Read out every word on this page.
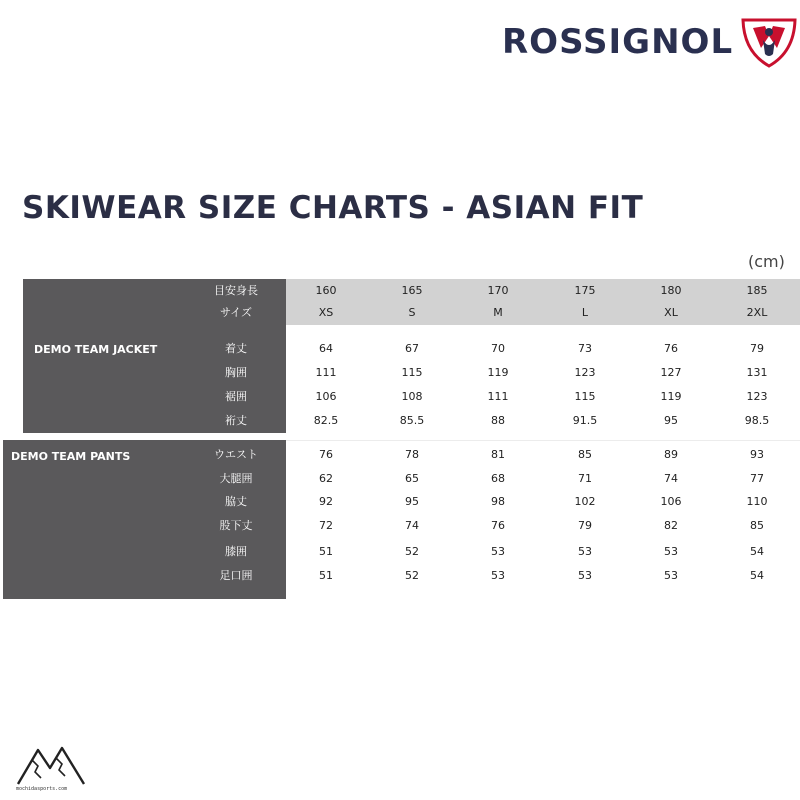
ROSSIGNOL
SKIWEAR SIZE CHARTS - ASIAN FIT
(cm)
目安身長	160	165	170	175	180	185
サイズ	XS	S	M	L	XL	2XL
DEMO TEAM JACKET	着丈	64	67	70	73	76	79
胸囲	111	115	119	123	127	131
裾囲	106	108	111	115	119	123
裄丈	82.5	85.5	88	91.5	95	98.5
DEMO TEAM PANTS	ウエスト	76	78	81	85	89	93
大腿囲	62	65	68	71	74	77
脇丈	92	95	98	102	106	110
股下丈	72	74	76	79	82	85
膝囲	51	52	53	53	53	54
足口囲	51	52	53	53	53	54
mochidasports.com
